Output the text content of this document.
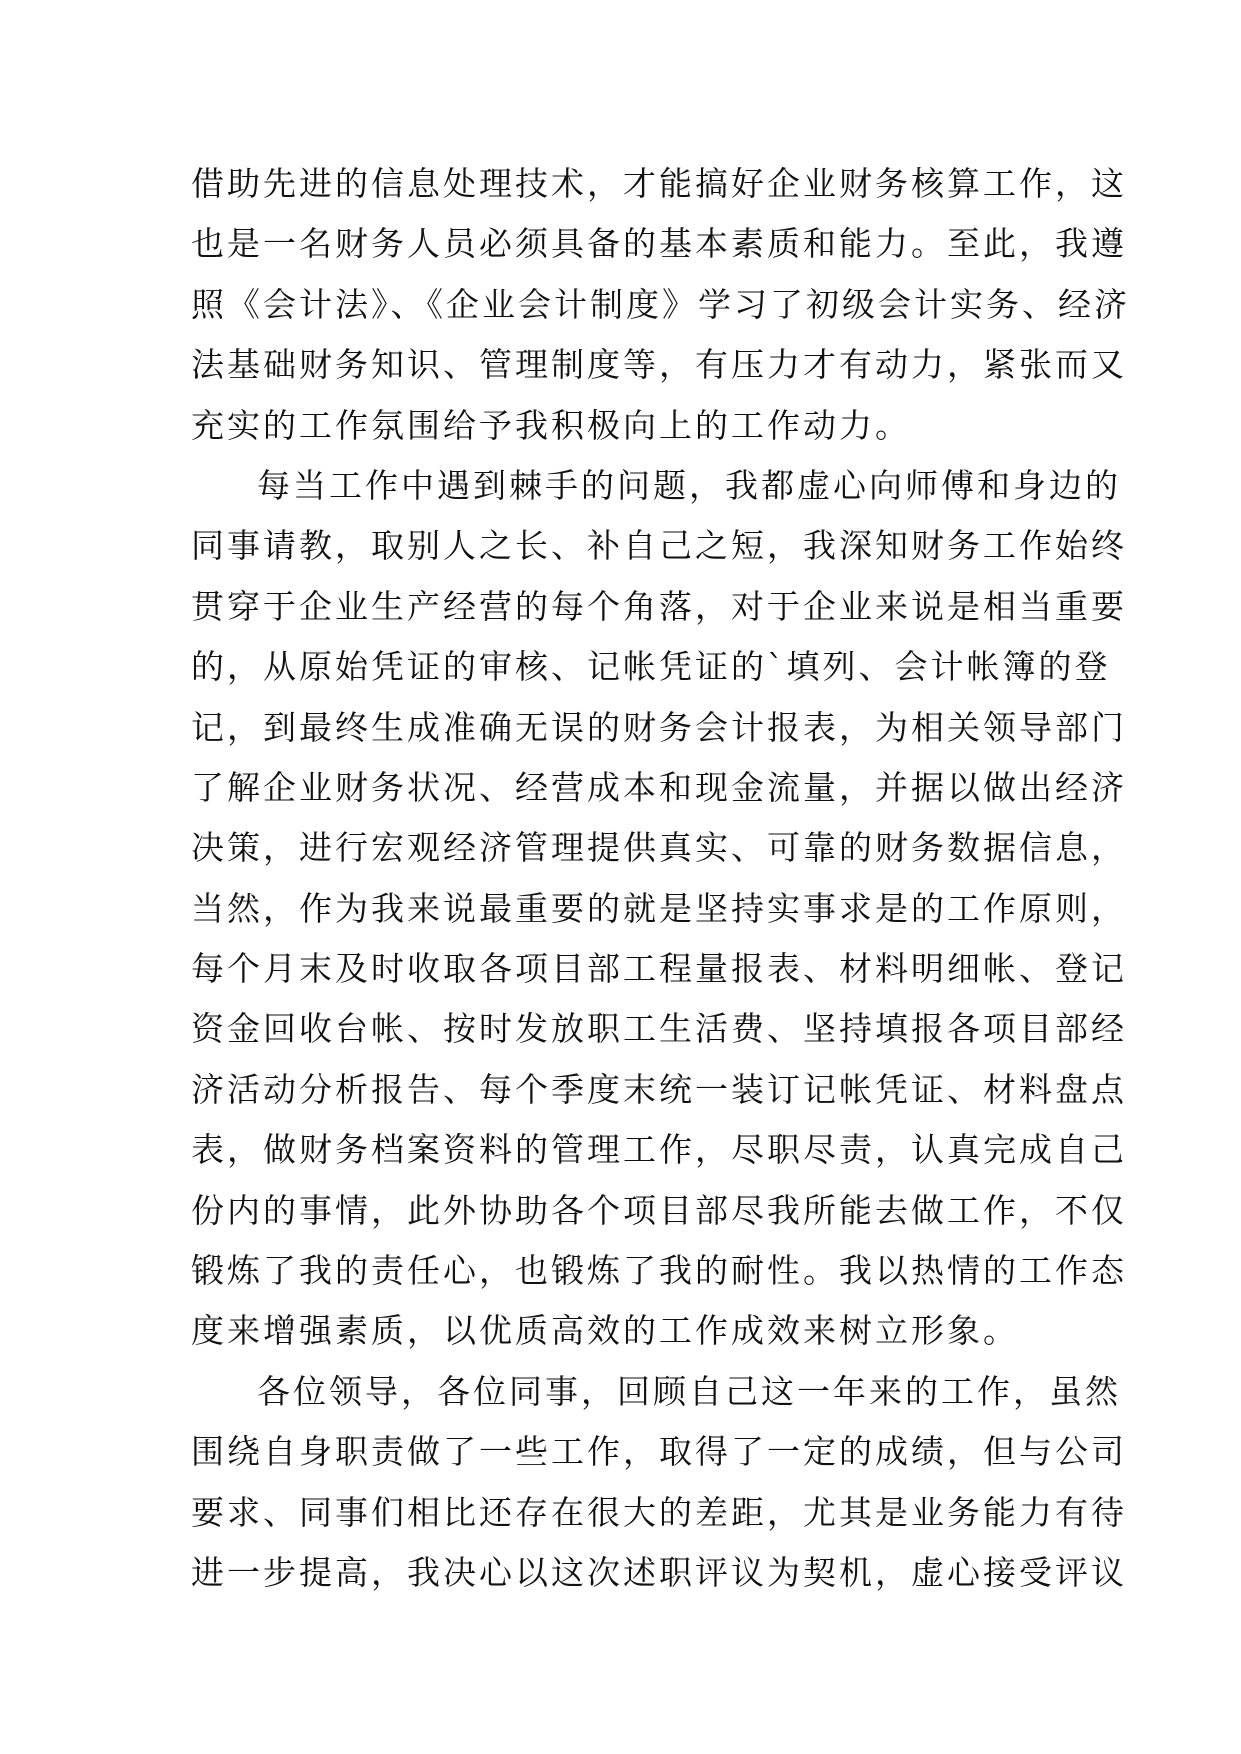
借助先进的信息处理技术，才能搞好企业财务核算工作，这
也是一名财务人员必须具备的基本素质和能力。至此，我遵
照《会计法》、《企业会计制度》学习了初级会计实务、经济
法基础财务知识、管理制度等，有压力才有动力，紧张而又
充实的工作氛围给予我积极向上的工作动力。
每当工作中遇到棘手的问题，我都虚心向师傅和身边的
同事请教，取别人之长、补自己之短，我深知财务工作始终
贯穿于企业生产经营的每个角落，对于企业来说是相当重要
的，从原始凭证的审核、记帐凭证的`填列、会计帐簿的登
记，到最终生成准确无误的财务会计报表，为相关领导部门
了解企业财务状况、经营成本和现金流量，并据以做出经济
决策，进行宏观经济管理提供真实、可靠的财务数据信息，
当然，作为我来说最重要的就是坚持实事求是的工作原则，
每个月末及时收取各项目部工程量报表、材料明细帐、登记
资金回收台帐、按时发放职工生活费、坚持填报各项目部经
济活动分析报告、每个季度末统一装订记帐凭证、材料盘点
表，做财务档案资料的管理工作，尽职尽责，认真完成自己
份内的事情，此外协助各个项目部尽我所能去做工作，不仅
锻炼了我的责任心，也锻炼了我的耐性。我以热情的工作态
度来增强素质，以优质高效的工作成效来树立形象。
各位领导，各位同事，回顾自己这一年来的工作，虽然
围绕自身职责做了一些工作，取得了一定的成绩，但与公司
要求、同事们相比还存在很大的差距，尤其是业务能力有待
进一步提高，我决心以这次述职评议为契机，虚心接受评议
